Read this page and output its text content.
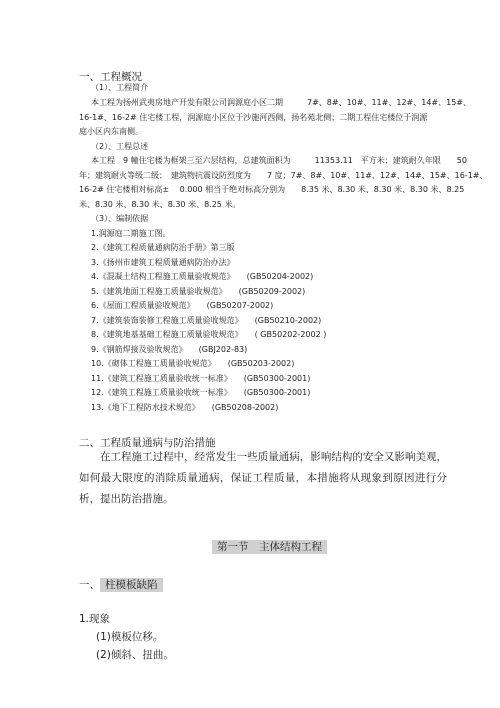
一、工程概况
（1）、工程简介
本工程为扬州武夷房地产开发有限公司润源庭小区二期　　　7#、8#、10#、11#、12#、14#、15#、
16-1#、16-2# 住宅楼工程，润源庭小区位于沙施河西侧，扬名苑北侧；二期工程住宅楼位于润源
庭小区内东南侧。
（2）、工程总述
本工程　9 幢住宅楼为框架三至六层结构，总建筑面积为　　　11353.11　平方米；建筑耐久年限　　50
年；建筑耐火等级二级；　建筑物抗震设防烈度为　　7 度；7#、8#、10#、11#、12#、14#、15#、16-1#、
16-2# 住宅楼相对标高±　 0.000 相当于绝对标高分别为　　8.35 米、8.30 米、8.30 米、8.30 米、8.25
米、8.30 米、8.30 米、8.30 米、8.25 米。
（3）、编制依据
1.润源庭二期施工图。
2.《建筑工程质量通病防治手册》第三版
3.《扬州市建筑工程质量通病防治办法》
4.《混凝土结构工程施工质量验收规范》　　(GB50204-2002)
5.《建筑地面工程施工质量验收规范》　　(GB50209-2002)
6.《屋面工程质量验收规范》　　(GB50207-2002)
7.《建筑装饰装修工程施工质量验收规范》　　(GB50210-2002)
8.《建筑地基基础工程施工质量验收规范》　　( GB50202-2002 )
9.《钢筋焊接及验收规范》　　(GBJ202-83)
10.《砌体工程施工质量验收规范》　　(GB50203-2002)
11.《建筑工程施工质量验收统一标准》　　(GB50300-2001)
12.《建筑工程施工质量验收统一标准》　　(GB50300-2001)
13.《地下工程防水技术规范》　　(GB50208-2002)
二、工程质量通病与防治措施
在工程施工过程中，经常发生一些质量通病，影响结构的安全又影响美观，如何最大限度的消除质量通病，保证工程质量，本措施将从现象到原因进行分析，提出防治措施。
第一节　主体结构工程
一、 柱模板缺陷
1.现象
(1)模板位移。
(2)倾斜、扭曲。
